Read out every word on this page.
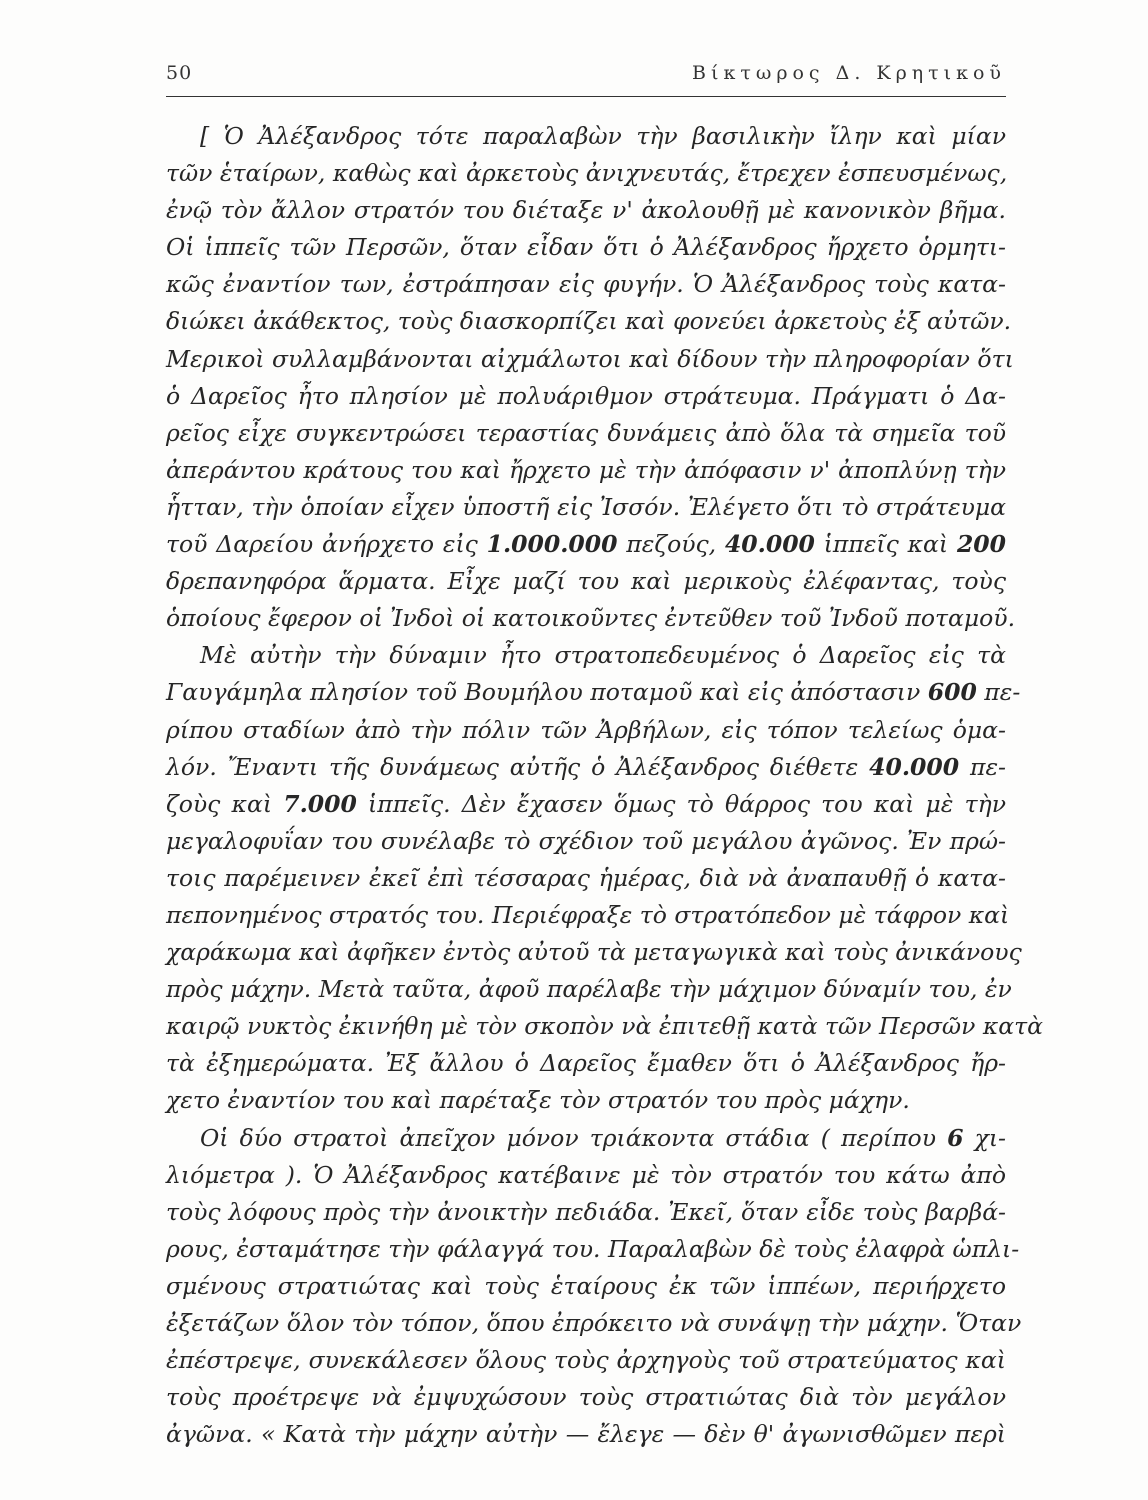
50	Βίκτωρος Δ. Κρητικοῦ
[ Ὁ Ἀλέξανδρος τότε παραλαβὼν τὴν βασιλικὴν ἴλην καὶ μίαν
τῶν ἑταίρων, καθὼς καὶ ἀρκετοὺς ἀνιχνευτάς, ἔτρεχεν ἐσπευσμένως,
ἐνῷ τὸν ἄλλον στρατόν του διέταξε ν' ἀκολουθῇ μὲ κανονικὸν βῆμα.
Οἱ ἱππεῖς τῶν Περσῶν, ὅταν εἶδαν ὅτι ὁ Ἀλέξανδρος ἤρχετο ὁρμητι-
κῶς ἐναντίον των, ἐστράπησαν εἰς φυγήν. Ὁ Ἀλέξανδρος τοὺς κατα-
διώκει ἀκάθεκτος, τοὺς διασκορπίζει καὶ φονεύει ἀρκετοὺς ἐξ αὐτῶν.
Μερικοὶ συλλαμβάνονται αἰχμάλωτοι καὶ δίδουν τὴν πληροφορίαν ὅτι
ὁ Δαρεῖος ἦτο πλησίον μὲ πολυάριθμον στράτευμα. Πράγματι ὁ Δα-
ρεῖος εἶχε συγκεντρώσει τεραστίας δυνάμεις ἀπὸ ὅλα τὰ σημεῖα τοῦ
ἀπεράντου κράτους του καὶ ἤρχετο μὲ τὴν ἀπόφασιν ν' ἀποπλύνῃ τὴν
ἧτταν, τὴν ὁποίαν εἶχεν ὑποστῆ εἰς Ἰσσόν. Ἐλέγετο ὅτι τὸ στράτευμα
τοῦ Δαρείου ἀνήρχετο εἰς 1.000.000 πεζούς, 40.000 ἱππεῖς καὶ 200
δρεπανηφόρα ἅρματα. Εἶχε μαζί του καὶ μερικοὺς ἐλέφαντας, τοὺς
ὁποίους ἔφερον οἱ Ἰνδοὶ οἱ κατοικοῦντες ἐντεῦθεν τοῦ Ἰνδοῦ ποταμοῦ.
Μὲ αὐτὴν τὴν δύναμιν ἦτο στρατοπεδευμένος ὁ Δαρεῖος εἰς τὰ
Γαυγάμηλα πλησίον τοῦ Βουμήλου ποταμοῦ καὶ εἰς ἀπόστασιν 600 πε-
ρίπου σταδίων ἀπὸ τὴν πόλιν τῶν Ἀρβήλων, εἰς τόπον τελείως ὁμα-
λόν. Ἔναντι τῆς δυνάμεως αὐτῆς ὁ Ἀλέξανδρος διέθετε 40.000 πε-
ζοὺς καὶ 7.000 ἱππεῖς. Δὲν ἔχασεν ὅμως τὸ θάρρος του καὶ μὲ τὴν
μεγαλοφυΐαν του συνέλαβε τὸ σχέδιον τοῦ μεγάλου ἀγῶνος. Ἐν πρώ-
τοις παρέμεινεν ἐκεῖ ἐπὶ τέσσαρας ἡμέρας, διὰ νὰ ἀναπαυθῇ ὁ κατα-
πεπονημένος στρατός του. Περιέφραξε τὸ στρατόπεδον μὲ τάφρον καὶ
χαράκωμα καὶ ἀφῆκεν ἐντὸς αὐτοῦ τὰ μεταγωγικὰ καὶ τοὺς ἀνικάνους
πρὸς μάχην. Μετὰ ταῦτα, ἀφοῦ παρέλαβε τὴν μάχιμον δύναμίν του, ἐν
καιρῷ νυκτὸς ἐκινήθη μὲ τὸν σκοπὸν νὰ ἐπιτεθῇ κατὰ τῶν Περσῶν κατὰ
τὰ ἐξημερώματα. Ἐξ ἄλλου ὁ Δαρεῖος ἔμαθεν ὅτι ὁ Ἀλέξανδρος ἤρ-
χετο ἐναντίον του καὶ παρέταξε τὸν στρατόν του πρὸς μάχην.
Οἱ δύο στρατοὶ ἀπεῖχον μόνον τριάκοντα στάδια ( περίπου 6 χι-
λιόμετρα ). Ὁ Ἀλέξανδρος κατέβαινε μὲ τὸν στρατόν του κάτω ἀπὸ
τοὺς λόφους πρὸς τὴν ἀνοικτὴν πεδιάδα. Ἐκεῖ, ὅταν εἶδε τοὺς βαρβά-
ρους, ἐσταμάτησε τὴν φάλαγγά του. Παραλαβὼν δὲ τοὺς ἐλαφρὰ ὡπλι-
σμένους στρατιώτας καὶ τοὺς ἑταίρους ἐκ τῶν ἱππέων, περιήρχετο
ἐξετάζων ὅλον τὸν τόπον, ὅπου ἐπρόκειτο νὰ συνάψῃ τὴν μάχην. Ὅταν
ἐπέστρεψε, συνεκάλεσεν ὅλους τοὺς ἀρχηγοὺς τοῦ στρατεύματος καὶ
τοὺς προέτρεψε νὰ ἐμψυχώσουν τοὺς στρατιώτας διὰ τὸν μεγάλον
ἀγῶνα. « Κατὰ τὴν μάχην αὐτὴν — ἔλεγε — δὲν θ' ἀγωνισθῶμεν περὶ
